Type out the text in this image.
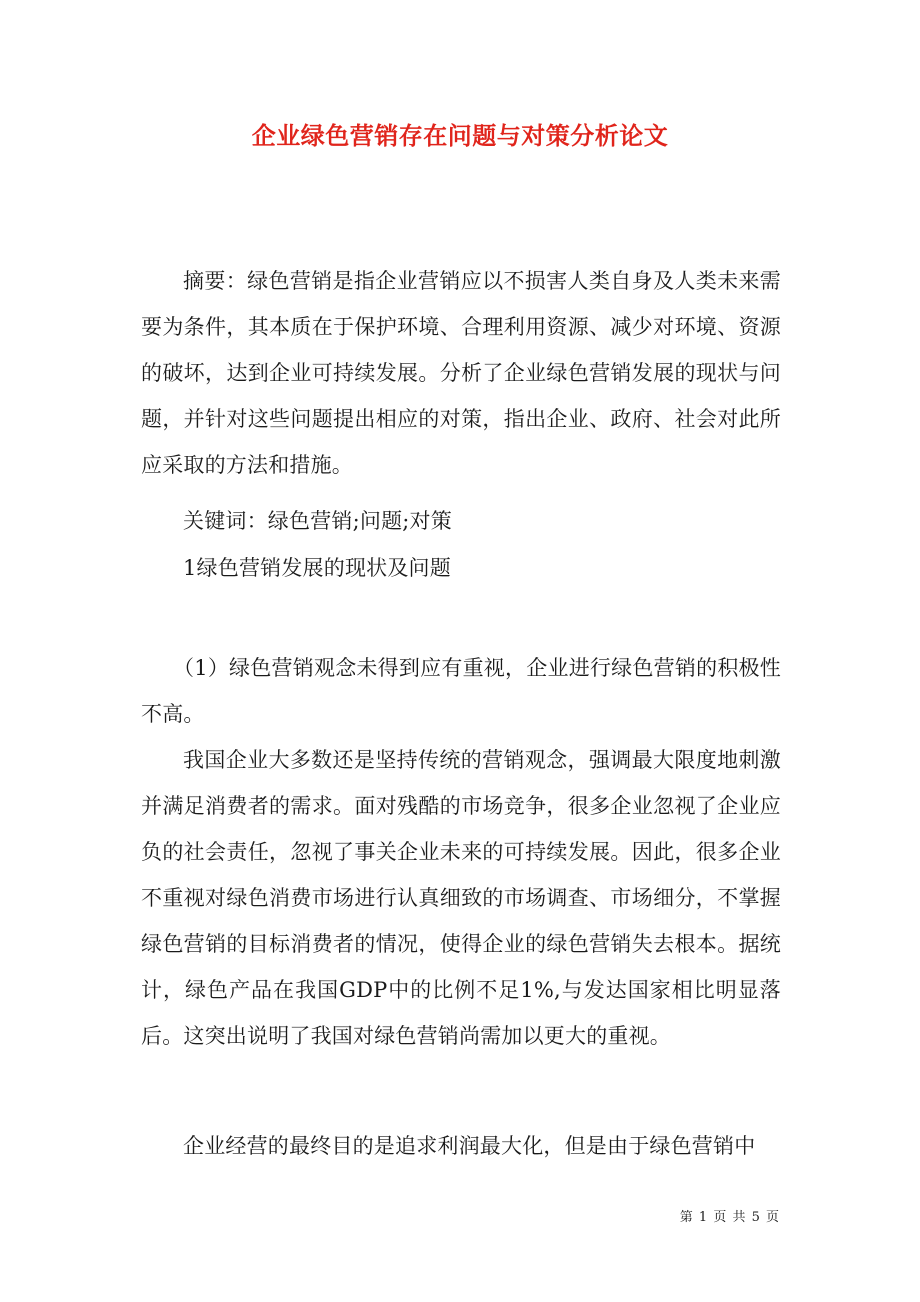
企业绿色营销存在问题与对策分析论文

摘要：绿色营销是指企业营销应以不损害人类自身及人类未来需要为条件，其本质在于保护环境、合理利用资源、减少对环境、资源的破坏，达到企业可持续发展。分析了企业绿色营销发展的现状与问题，并针对这些问题提出相应的对策，指出企业、政府、社会对此所应采取的方法和措施。

关键词：绿色营销;问题;对策

1绿色营销发展的现状及问题

（1）绿色营销观念未得到应有重视，企业进行绿色营销的积极性不高。

我国企业大多数还是坚持传统的营销观念，强调最大限度地刺激并满足消费者的需求。面对残酷的市场竞争，很多企业忽视了企业应负的社会责任，忽视了事关企业未来的可持续发展。因此，很多企业不重视对绿色消费市场进行认真细致的市场调查、市场细分，不掌握绿色营销的目标消费者的情况，使得企业的绿色营销失去根本。据统计，绿色产品在我国GDP中的比例不足1%,与发达国家相比明显落后。这突出说明了我国对绿色营销尚需加以更大的重视。

企业经营的最终目的是追求利润最大化，但是由于绿色营销中

第 1 页 共 5 页
